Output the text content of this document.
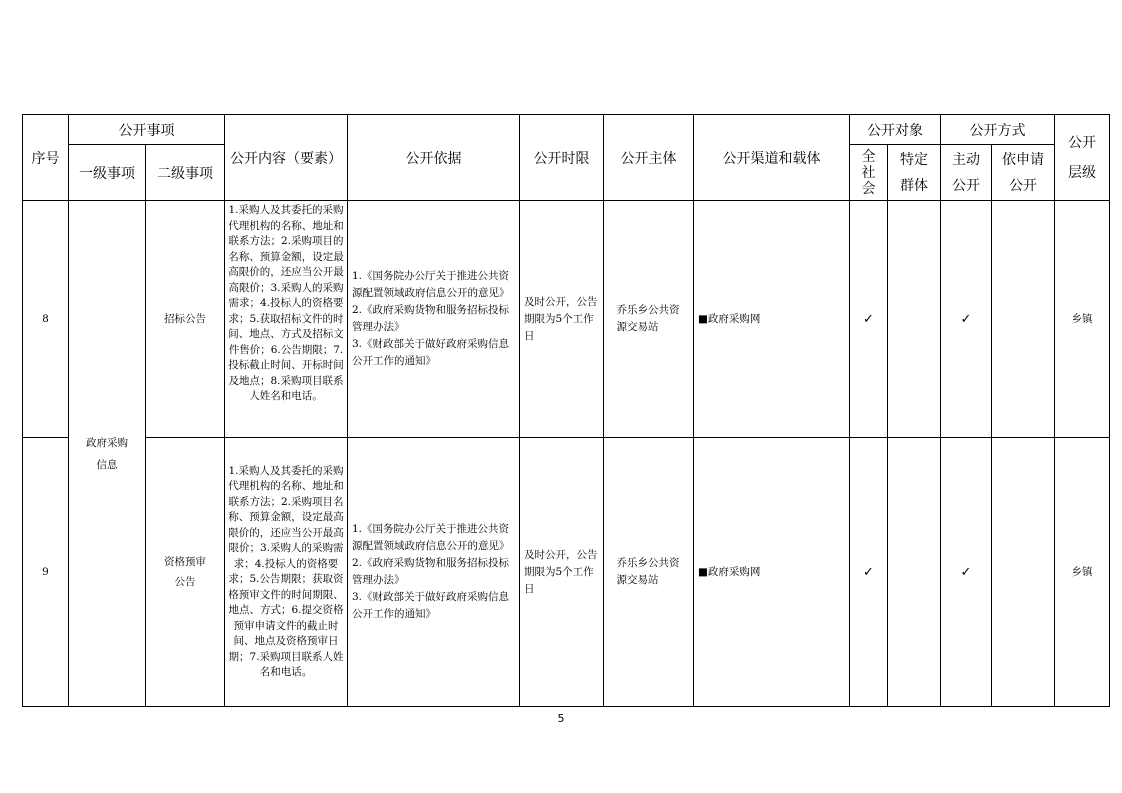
序号	公开事项		公开内容（要素）	公开依据	公开时限	公开主体	公开渠道和载体	公开对象		公开方式		公开层级

	一级事项	二级事项						全社会	特定群体	主动公开	依申请公开	

8	政府采购信息	招标公告	1.采购人及其委托的采购代理机构的名称、地址和联系方法；2.采购项目的名称、预算金额，设定最高限价的，还应当公开最高限价；3.采购人的采购需求；4.投标人的资格要求；5.获取招标文件的时间、地点、方式及招标文件售价；6.公告期限；7.投标截止时间、开标时间及地点；8.采购项目联系人姓名和电话。	1.《国务院办公厅关于推进公共资源配置领域政府信息公开的意见》
2.《政府采购货物和服务招标投标管理办法》
3.《财政部关于做好政府采购信息公开工作的通知》	及时公开，公告期限为5个工作日	乔乐乡公共资源交易站	■政府采购网	✓		✓		乡镇
9		资格预审公告	1.采购人及其委托的采购代理机构的名称、地址和联系方法；2.采购项目名称、预算金额，设定最高限价的，还应当公开最高限价；3.采购人的采购需求；4.投标人的资格要求；5.公告期限；获取资格预审文件的时间期限、地点、方式；6.提交资格预审申请文件的截止时间、地点及资格预审日期；7.采购项目联系人姓名和电话。	1.《国务院办公厅关于推进公共资源配置领域政府信息公开的意见》
2.《政府采购货物和服务招标投标管理办法》
3.《财政部关于做好政府采购信息公开工作的通知》	及时公开，公告期限为5个工作日	乔乐乡公共资源交易站	■政府采购网	✓		✓		乡镇
5
